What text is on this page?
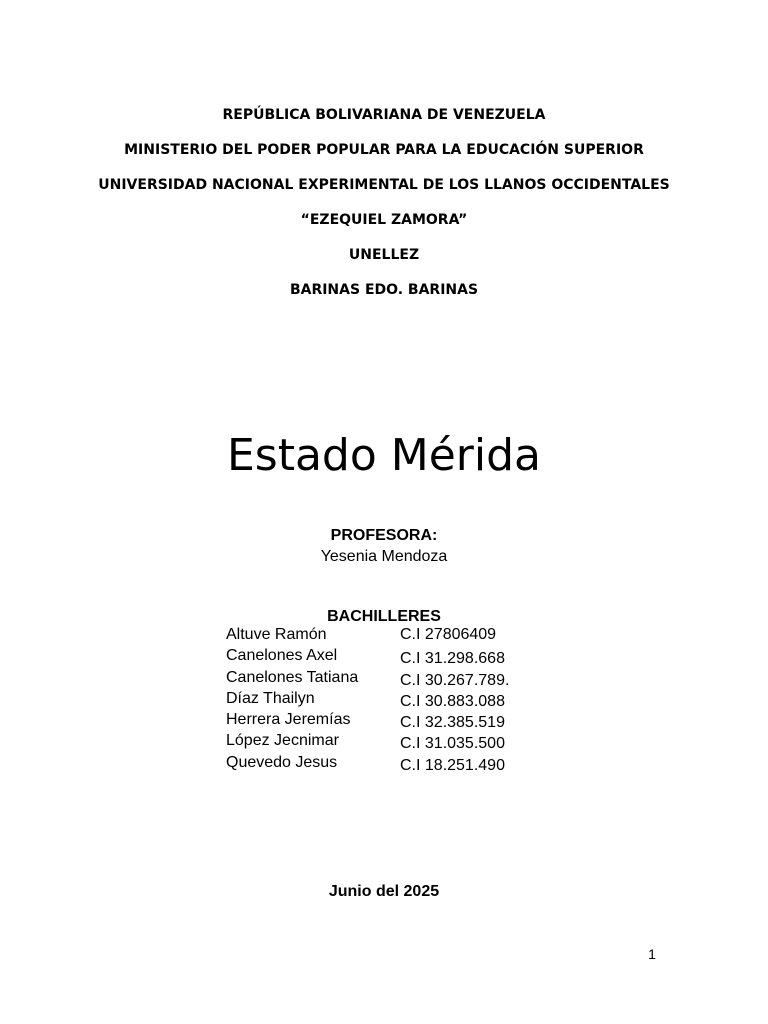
REPÚBLICA BOLIVARIANA DE VENEZUELA
MINISTERIO DEL PODER POPULAR PARA LA EDUCACIÓN SUPERIOR
UNIVERSIDAD NACIONAL EXPERIMENTAL DE LOS LLANOS OCCIDENTALES
“EZEQUIEL ZAMORA”
UNELLEZ
BARINAS EDO. BARINAS
Estado Mérida
PROFESORA:
Yesenia Mendoza
BACHILLERES
Altuve Ramón	C.I 27806409
Canelones Axel	C.I 31.298.668
Canelones Tatiana	C.I 30.267.789.
Díaz Thailyn	C.I 30.883.088
Herrera Jeremías	C.I 32.385.519
López Jecnimar	C.I 31.035.500
Quevedo Jesus	C.I 18.251.490
Junio del 2025
1
